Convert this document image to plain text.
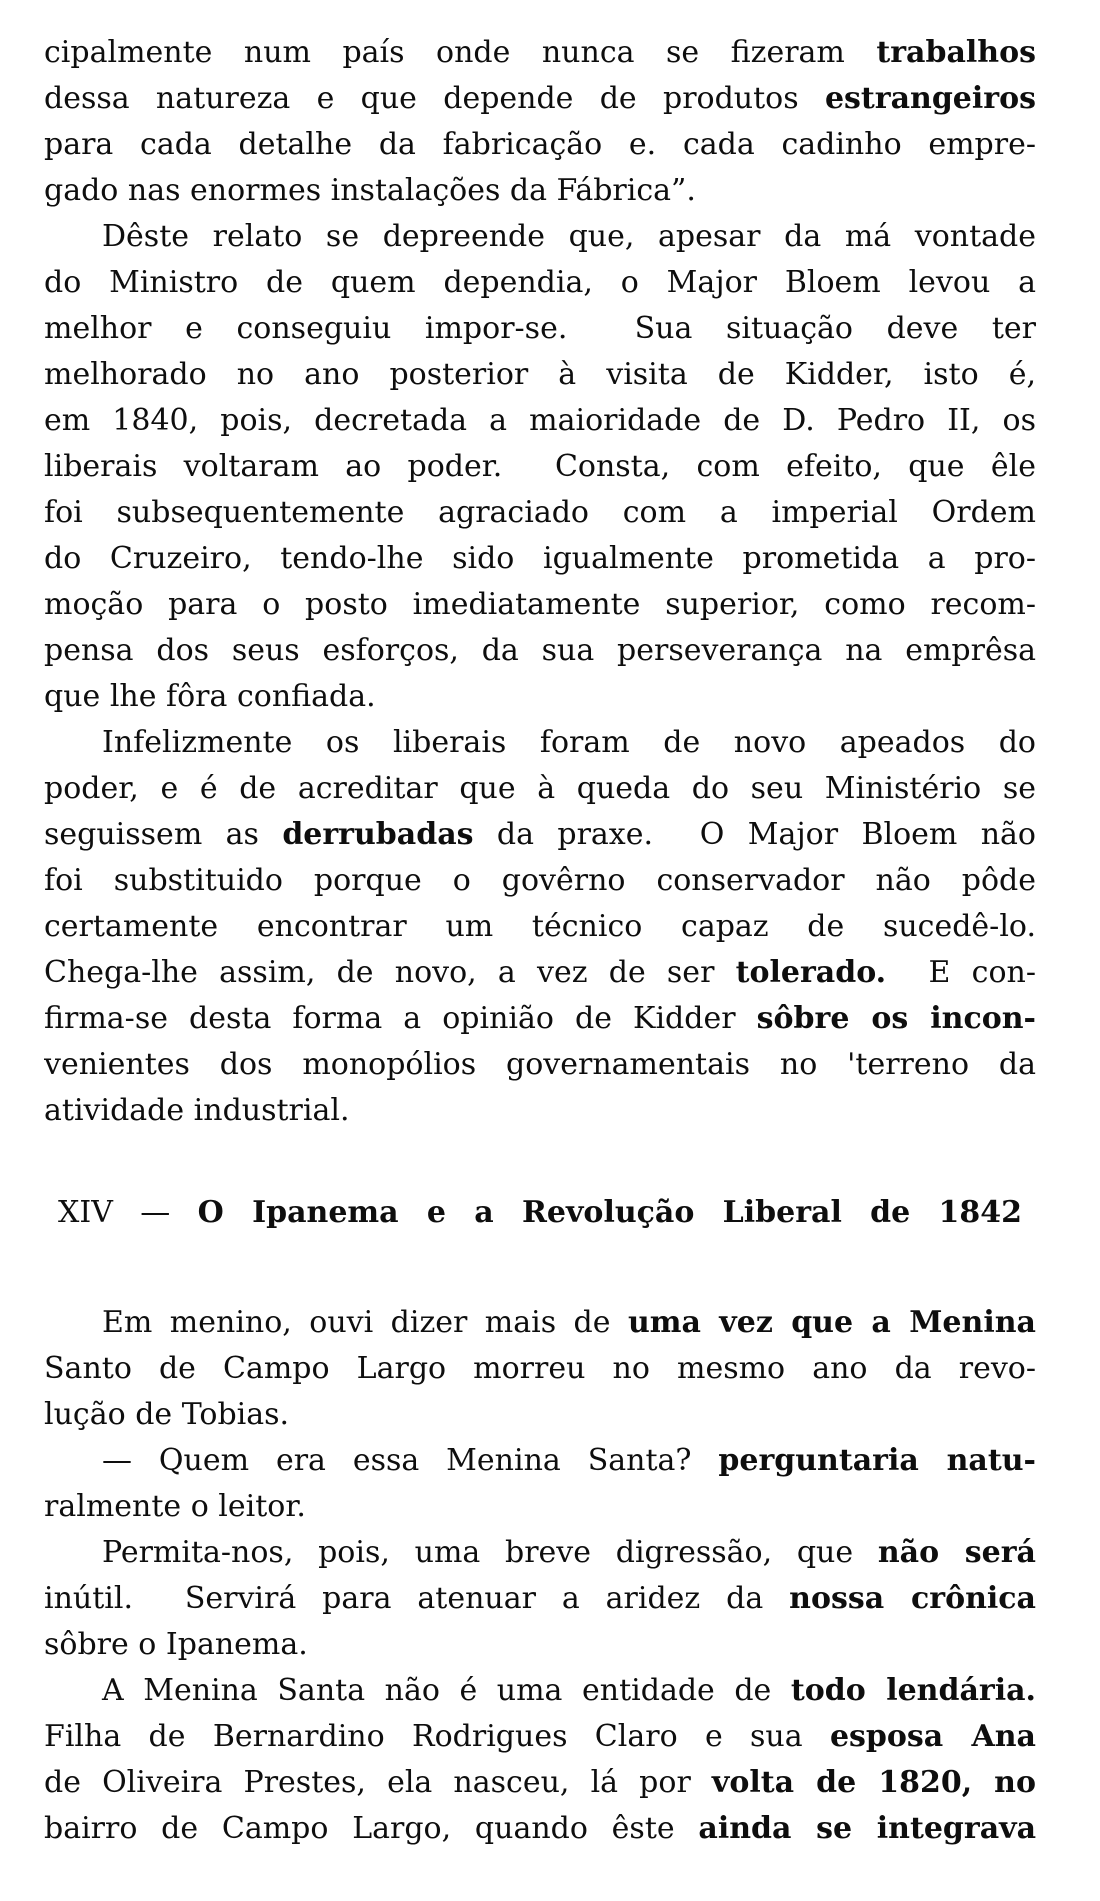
cipalmente num país onde nunca se fizeram trabalhos
dessa natureza e que depende de produtos estrangeiros
para cada detalhe da fabricação e. cada cadinho empre-
gado nas enormes instalações da Fábrica”.
Dêste relato se depreende que, apesar da má vontade
do Ministro de quem dependia, o Major Bloem levou a
melhor e conseguiu impor-se.  Sua situação deve ter
melhorado no ano posterior à visita de Kidder, isto é,
em 1840, pois, decretada a maioridade de D. Pedro II, os
liberais voltaram ao poder.  Consta, com efeito, que êle
foi subsequentemente agraciado com a imperial Ordem
do Cruzeiro, tendo-lhe sido igualmente prometida a pro-
moção para o posto imediatamente superior, como recom-
pensa dos seus esforços, da sua perseverança na emprêsa
que lhe fôra confiada.
Infelizmente os liberais foram de novo apeados do
poder, e é de acreditar que à queda do seu Ministério se
seguissem as derrubadas da praxe.  O Major Bloem não
foi substituido porque o govêrno conservador não pôde
certamente encontrar um técnico capaz de sucedê-lo.
Chega-lhe assim, de novo, a vez de ser tolerado.  E con-
firma-se desta forma a opinião de Kidder sôbre os incon-
venientes dos monopólios governamentais no 'terreno da
atividade industrial.
XIV — O Ipanema e a Revolução Liberal de 1842
Em menino, ouvi dizer mais de uma vez que a Menina
Santo de Campo Largo morreu no mesmo ano da revo-
lução de Tobias.
— Quem era essa Menina Santa? perguntaria natu-
ralmente o leitor.
Permita-nos, pois, uma breve digressão, que não será
inútil.  Servirá para atenuar a aridez da nossa crônica
sôbre o Ipanema.
A Menina Santa não é uma entidade de todo lendária.
Filha de Bernardino Rodrigues Claro e sua esposa Ana
de Oliveira Prestes, ela nasceu, lá por volta de 1820, no
bairro de Campo Largo, quando êste ainda se integrava
